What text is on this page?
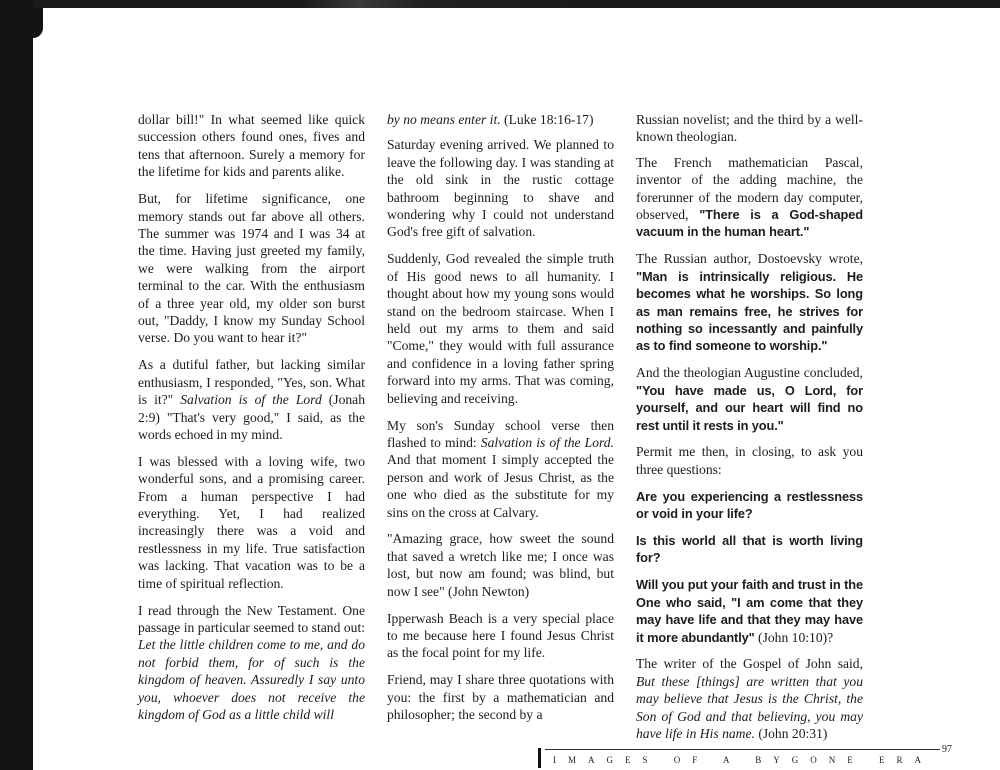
dollar bill!" In what seemed like quick succession others found ones, fives and tens that afternoon. Surely a memory for the lifetime for kids and parents alike.

But, for lifetime significance, one memory stands out far above all others. The summer was 1974 and I was 34 at the time. Having just greeted my family, we were walking from the airport terminal to the car. With the enthusiasm of a three year old, my older son burst out, "Daddy, I know my Sunday School verse. Do you want to hear it?"

As a dutiful father, but lacking similar enthusiasm, I responded, "Yes, son. What is it?" Salvation is of the Lord (Jonah 2:9) "That's very good," I said, as the words echoed in my mind.

I was blessed with a loving wife, two wonderful sons, and a promising career. From a human perspective I had everything. Yet, I had realized increasingly there was a void and restlessness in my life. True satisfaction was lacking. That vacation was to be a time of spiritual reflection.

I read through the New Testament. One passage in particular seemed to stand out: Let the little children come to me, and do not forbid them, for of such is the kingdom of heaven. Assuredly I say unto you, whoever does not receive the kingdom of God as a little child will

by no means enter it. (Luke 18:16-17)

Saturday evening arrived. We planned to leave the following day. I was standing at the old sink in the rustic cottage bathroom beginning to shave and wondering why I could not understand God's free gift of salvation.

Suddenly, God revealed the simple truth of His good news to all humanity. I thought about how my young sons would stand on the bedroom staircase. When I held out my arms to them and said "Come," they would with full assurance and confidence in a loving father spring forward into my arms. That was coming, believing and receiving.

My son's Sunday school verse then flashed to mind: Salvation is of the Lord. And that moment I simply accepted the person and work of Jesus Christ, as the one who died as the substitute for my sins on the cross at Calvary.

"Amazing grace, how sweet the sound that saved a wretch like me; I once was lost, but now am found; was blind, but now I see" (John Newton)

Ipperwash Beach is a very special place to me because here I found Jesus Christ as the focal point for my life.

Friend, may I share three quotations with you: the first by a mathematician and philosopher; the second by a

Russian novelist; and the third by a well-known theologian.

The French mathematician Pascal, inventor of the adding machine, the forerunner of the modern day computer, observed, "There is a God-shaped vacuum in the human heart."

The Russian author, Dostoevsky wrote, "Man is intrinsically religious. He becomes what he worships. So long as man remains free, he strives for nothing so incessantly and painfully as to find someone to worship."

And the theologian Augustine concluded, "You have made us, O Lord, for yourself, and our heart will find no rest until it rests in you."

Permit me then, in closing, to ask you three questions:

Are you experiencing a restlessness or void in your life?

Is this world all that is worth living for?

Will you put your faith and trust in the One who said, "I am come that they may have life and that they may have it more abundantly" (John 10:10)?

The writer of the Gospel of John said, But these [things] are written that you may believe that Jesus is the Christ, the Son of God and that believing, you may have life in His name. (John 20:31)

IMAGES OF A BYGONE ERA
97
